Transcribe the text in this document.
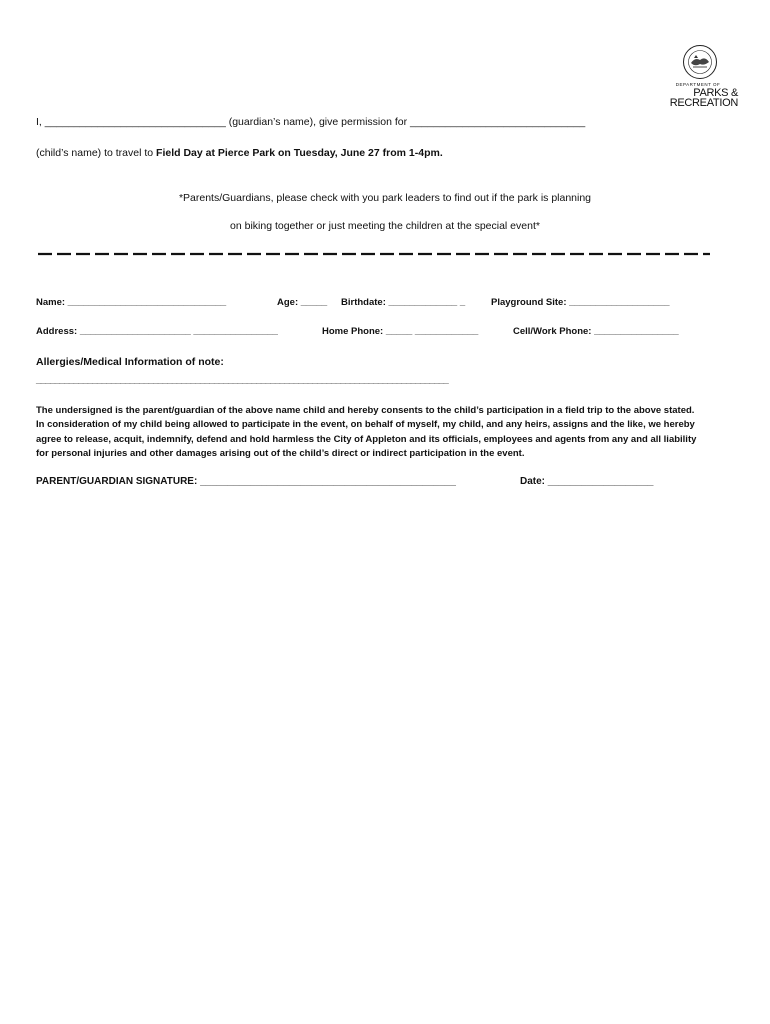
DEPARTMENT OF
PARKS &
RECREATION
I, _______________________________ (guardian’s name), give permission for ______________________________
(child’s name) to travel to Field Day at Pierce Park on Tuesday, June 27 from 1-4pm.
*Parents/Guardians, please check with you park leaders to find out if the park is planning
on biking together or just meeting the children at the special event*
Name: ______________________________	Age: _____ Birthdate: _____________ _	Playground Site: ___________________
Address: _____________________ ________________	Home Phone: _____ ____________	Cell/Work Phone: ________________
Allergies/Medical Information of note:
________________________________________________________________________________________
The undersigned is the parent/guardian of the above name child and hereby consents to the child’s participation in a field trip to the above stated.
In consideration of my child being allowed to participate in the event, on behalf of myself, my child, and any heirs, assigns and the like, we hereby
agree to release, acquit, indemnify, defend and hold harmless the City of Appleton and its officials, employees and agents from any and all liability
for personal injuries and other damages arising out of the child’s direct or indirect participation in the event.
PARENT/GUARDIAN SIGNATURE: ______________________________________________	Date: ___________________
